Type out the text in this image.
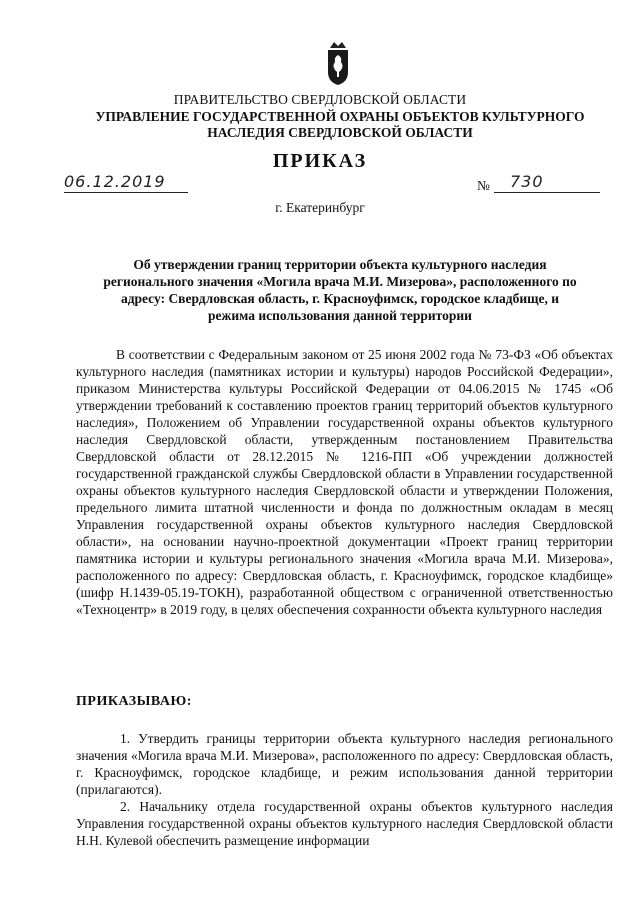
ПРАВИТЕЛЬСТВО СВЕРДЛОВСКОЙ ОБЛАСТИ
УПРАВЛЕНИЕ ГОСУДАРСТВЕННОЙ ОХРАНЫ ОБЪЕКТОВ КУЛЬТУРНОГО НАСЛЕДИЯ СВЕРДЛОВСКОЙ ОБЛАСТИ
ПРИКАЗ
06.12.2019	№ 730
г. Екатеринбург
Об утверждении границ территории объекта культурного наследия регионального значения «Могила врача М.И. Мизерова», расположенного по адресу: Свердловская область, г. Красноуфимск, городское кладбище, и режима использования данной территории
В соответствии с Федеральным законом от 25 июня 2002 года № 73-ФЗ «Об объектах культурного наследия (памятниках истории и культуры) народов Российской Федерации», приказом Министерства культуры Российской Федерации от 04.06.2015 № 1745 «Об утверждении требований к составлению проектов границ территорий объектов культурного наследия», Положением об Управлении государственной охраны объектов культурного наследия Свердловской области, утвержденным постановлением Правительства Свердловской области от 28.12.2015 № 1216-ПП «Об учреждении должностей государственной гражданской службы Свердловской области в Управлении государственной охраны объектов культурного наследия Свердловской области и утверждении Положения, предельного лимита штатной численности и фонда по должностным окладам в месяц Управления государственной охраны объектов культурного наследия Свердловской области», на основании научно-проектной документации «Проект границ территории памятника истории и культуры регионального значения «Могила врача М.И. Мизерова», расположенного по адресу: Свердловская область, г. Красноуфимск, городское кладбище» (шифр Н.1439-05.19-ТОКН), разработанной обществом с ограниченной ответственностью «Техноцентр» в 2019 году, в целях обеспечения сохранности объекта культурного наследия
ПРИКАЗЫВАЮ:
1. Утвердить границы территории объекта культурного наследия регионального значения «Могила врача М.И. Мизерова», расположенного по адресу: Свердловская область, г. Красноуфимск, городское кладбище, и режим использования данной территории (прилагаются).
2. Начальнику отдела государственной охраны объектов культурного наследия Управления государственной охраны объектов культурного наследия Свердловской области Н.Н. Кулевой обеспечить размещение информации
